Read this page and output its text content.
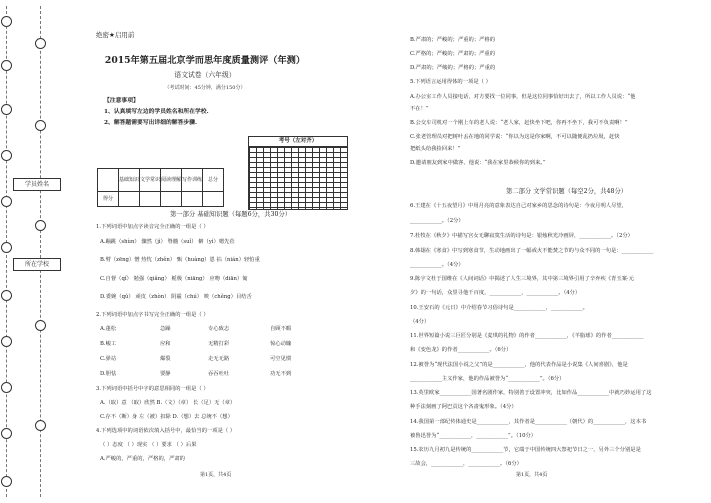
学员姓名
所在学校
绝密★启用前
2015年第五届北京学而思年度质量测评（年测）
语文试卷（六年级）
（考试时间：45分钟，满分150分）
【注意事项】
1、认真填写左边的学员姓名和所在学校.
2、解答题需要写出详细的解答步骤.
考号（左对齐）
	基础知识	文学常识	阅读理解	写作训练	总分
得分					
第一部分 基础知识题（每题6分，共30分）
1.下列词语中加点字读音完全正确的一组是（ ）
A.蹦跳（shùn） 骤然（jì） 脊髓（suǐ） 僻（yì）嗯先莅
B.臂（zēng）憎 热忱（zhěn） 甄（huàng）恩 拈（nián）轻怕重
C.自督（qǐ） 勉强（qiǎng） 栀极（niāng） 应吻（diān）匍
D.委婉（qǔ） 顽皮（zhòn） 阴霾（chú） 啖（chěng）目结舌
2.下列词语中加点字书写完全正确的一组是（ ）
A.蓬松	急躁	专心致志	自顾不暇
B.峻工	应和	无精打彩	惊心动魄
C.驿站	爆裂	走无无路	可空见惯
D.胆怯	要静	吞吞吐吐	功无不到
3.下列词语中括号中字的意思相同的一组是（ ）
A.（取）意 （取）欣然 B.（文）（章） 长（足）无（章）
C.存不（断）身 左（被）扣除 D.（想）去 总统不（想）
4.下列选项中的词语依次填入括号中，最恰当的一项是（ ）
（ ）态度 （ ）现实 （ ）要求 （ ）后果
A.严峻的，严重的，严格的，严肃的
第1页，共4页
B.严肃的；严峻的；严重的；严格的
C.严格的；严峻的；严肃的；严重的
D.严肃的；严峻的；严格的；严重的
5.下列语言运用得体的一项是（ ）
A.办公室工作人员接电话，对方要找一位同事，但是这位同事恰好出去了，所以工作人员说：“他
不在！”
B.公交车司机对一个刚上车的老人说：“老人家，赶快坐下吧，你再不坐下，我可不负责啊！”
C.张老管理员对把树叶丢在地的同学说：“你以为这是你家啊，不可以随便乱扔垃圾，赶快
把纸头给我捡回来！”
D.邀请朋友到家中做客，他说：“我在家里恭候你的到来。”
第二部分 文学常识题（每空2分，共48分）
6.王建在《十五夜望月》中用月亮的意象表达自己对家乡的思念的诗句是：今夜月明人尽望，
____________。（2分）
7.杜牧在《秋夕》中描写宫女无聊寂寞生活的诗句是：银烛秋光冷画屏，____________。（2分）
8.韩翃在《寒食》中写到寒食节，生动地画出了一幅戒火不能焚之节的与众不同的一句是：____________
____________。（4分）
9.陈宇文杜于国维在《人间词话》中揭述了人生三境界，其中第三境界引用了辛弃疾《青玉案·元
夕》的一句话，众里寻他千百度，____________，____________。（4分）
10.王安石的《元日》中介绍春节习俗诗句是____________，____________。
（4分）
11.世界短篇小说三巨匠分别是《麦琪的礼物》的作者____________，《羊脂球》的作者____________
和《变色龙》的作者____________。（6分）
12.被誉为“现代法国小说之父”的是____________，他的代表作品是小说集《人间喜剧》，他是
____________主义作家，他的作品被誉为“____________”。（6分）
13.英里欧家____________国著名剧作家，特别善于设置冲突，比如作品____________中就巧妙运用了这
种手法刻画了阿巴贡这个吝啬鬼形象。（4分）
14.我国第一部纪传体通史是____________，其作者是____________（朝代）的____________，这本书
被鲁迅誉为“____________，____________”。（10分）
15.农历九月初九是传统的____________节，它端于中国传统四大祭祀节日之一，另外三个分别是是
三故会，____________，____________。（6分）
第1页，共4页
